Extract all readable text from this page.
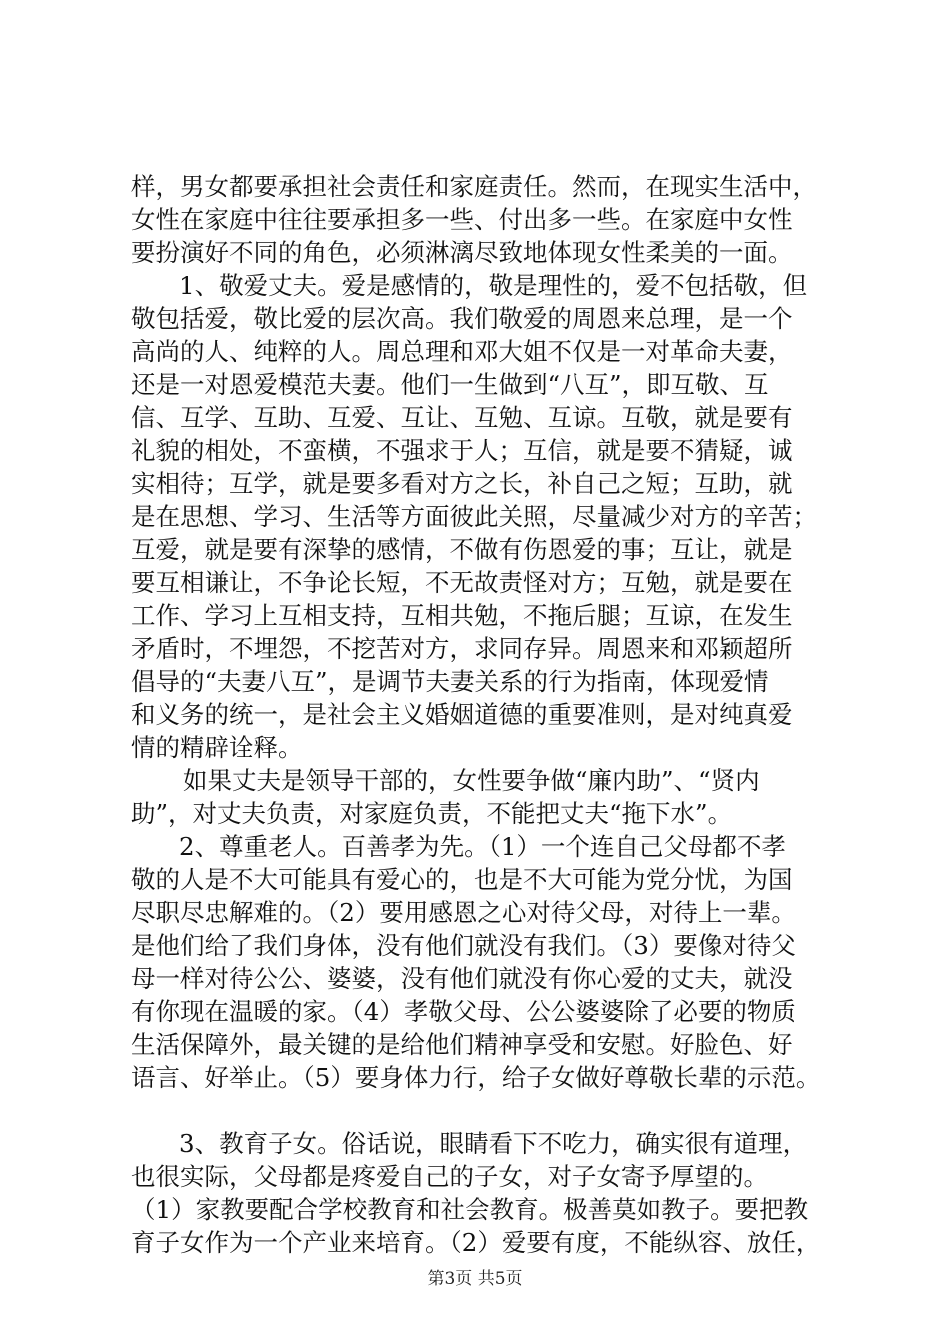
样，男女都要承担社会责任和家庭责任。然而，在现实生活中，
女性在家庭中往往要承担多一些、付出多一些。在家庭中女性
要扮演好不同的角色，必须淋漓尽致地体现女性柔美的一面。
1、敬爱丈夫。爱是感情的，敬是理性的，爱不包括敬，但
敬包括爱，敬比爱的层次高。我们敬爱的周恩来总理，是一个
高尚的人、纯粹的人。周总理和邓大姐不仅是一对革命夫妻，
还是一对恩爱模范夫妻。他们一生做到“八互”，即互敬、互
信、互学、互助、互爱、互让、互勉、互谅。互敬，就是要有
礼貌的相处，不蛮横，不强求于人；互信，就是要不猜疑，诚
实相待；互学，就是要多看对方之长，补自己之短；互助，就
是在思想、学习、生活等方面彼此关照，尽量减少对方的辛苦；
互爱，就是要有深挚的感情，不做有伤恩爱的事；互让，就是
要互相谦让，不争论长短，不无故责怪对方；互勉，就是要在
工作、学习上互相支持，互相共勉，不拖后腿；互谅，在发生
矛盾时，不埋怨，不挖苦对方，求同存异。周恩来和邓颖超所
倡导的“夫妻八互”，是调节夫妻关系的行为指南，体现爱情
和义务的统一，是社会主义婚姻道德的重要准则，是对纯真爱
情的精辟诠释。
如果丈夫是领导干部的，女性要争做“廉内助”、“贤内
助”，对丈夫负责，对家庭负责，不能把丈夫“拖下水”。
2、尊重老人。百善孝为先。（1）一个连自己父母都不孝
敬的人是不大可能具有爱心的，也是不大可能为党分忧，为国
尽职尽忠解难的。（2）要用感恩之心对待父母，对待上一辈。
是他们给了我们身体，没有他们就没有我们。（3）要像对待父
母一样对待公公、婆婆，没有他们就没有你心爱的丈夫，就没
有你现在温暖的家。（4）孝敬父母、公公婆婆除了必要的物质
生活保障外，最关键的是给他们精神享受和安慰。好脸色、好
语言、好举止。（5）要身体力行，给子女做好尊敬长辈的示范。
3、教育子女。俗话说，眼睛看下不吃力，确实很有道理，
也很实际，父母都是疼爱自己的子女，对子女寄予厚望的。
（1）家教要配合学校教育和社会教育。极善莫如教子。要把教
育子女作为一个产业来培育。（2）爱要有度，不能纵容、放任，
第3页 共5页
